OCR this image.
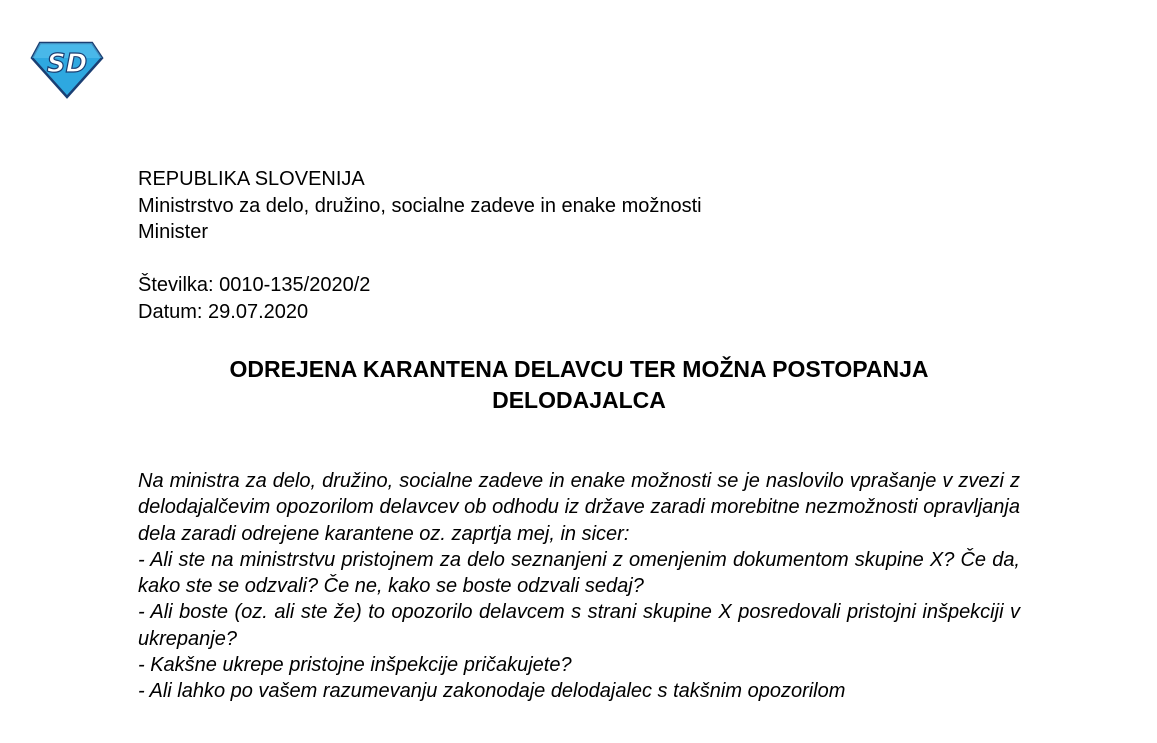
SD
REPUBLIKA SLOVENIJA
Ministrstvo za delo, družino, socialne zadeve in enake možnosti
Minister
Številka: 0010-135/2020/2
Datum: 29.07.2020
ODREJENA KARANTENA DELAVCU TER MOŽNA POSTOPANJA
DELODAJALCA

Na ministra za delo, družino, socialne zadeve in enake možnosti se je naslovilo vprašanje v zvezi z delodajalčevim opozorilom delavcev ob odhodu iz države zaradi morebitne nezmožnosti opravljanja dela zaradi odrejene karantene oz. zaprtja mej, in sicer:

- Ali ste na ministrstvu pristojnem za delo seznanjeni z omenjenim dokumentom skupine X? Če da, kako ste se odzvali? Če ne, kako se boste odzvali sedaj?

- Ali boste (oz. ali ste že) to opozorilo delavcem s strani skupine X posredovali pristojni inšpekciji v ukrepanje?

- Kakšne ukrepe pristojne inšpekcije pričakujete?

- Ali lahko po vašem razumevanju zakonodaje delodajalec s takšnim opozorilom
